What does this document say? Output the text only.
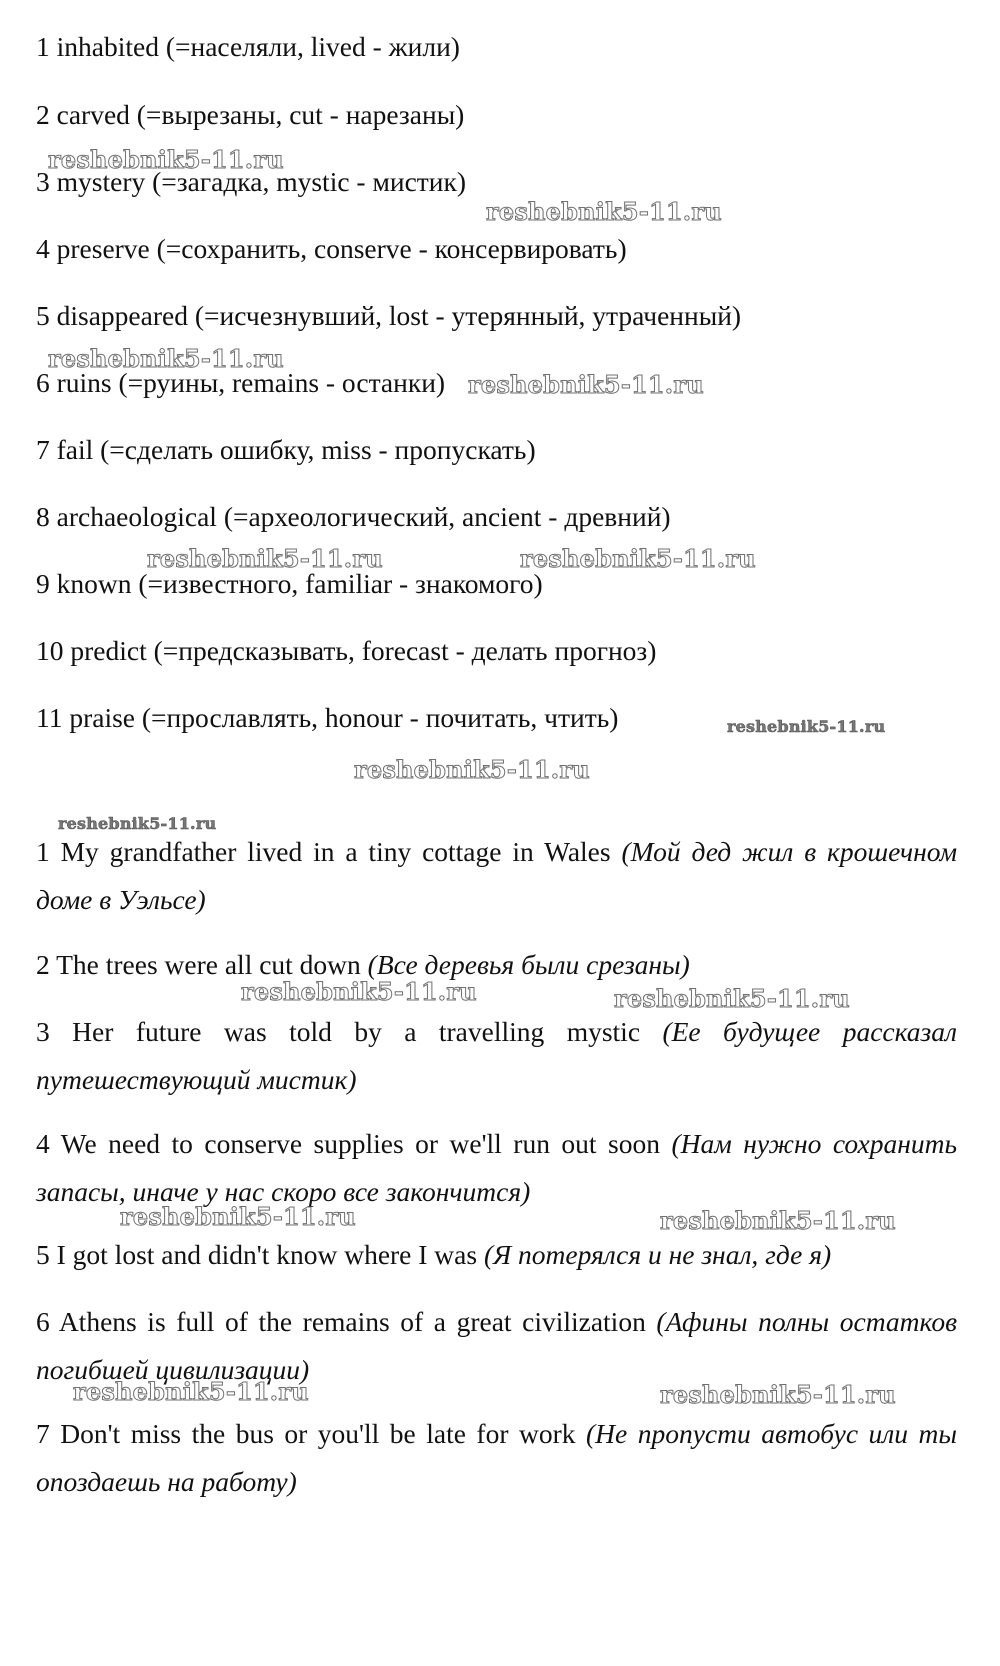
1 inhabited (=населяли, lived - жили)

2 carved (=вырезаны, cut - нарезаны)

3 mystery (=загадка, mystic - мистик)

4 preserve (=сохранить, conserve - консервировать)

5 disappeared (=исчезнувший, lost - утерянный, утраченный)

6 ruins (=руины, remains - останки)

7 fail (=сделать ошибку, miss - пропускать)

8 archaeological (=археологический, ancient - древний)

9 known (=известного, familiar - знакомого)

10 predict (=предсказывать, forecast - делать прогноз)

11 praise (=прославлять, honour - почитать, чтить)

1 My grandfather lived in a tiny cottage in Wales (Мой дед жил в крошечном доме в Уэльсе)

2 The trees were all cut down (Все деревья были срезаны)

3 Her future was told by a travelling mystic (Ее будущее рассказал путешествующий мистик)

4 We need to conserve supplies or we'll run out soon (Нам нужно сохранить запасы, иначе у нас скоро все закончится)

5 I got lost and didn't know where I was (Я потерялся и не знал, где я)

6 Athens is full of the remains of a great civilization (Афины полны остатков погибшей цивилизации)

7 Don't miss the bus or you'll be late for work (Не пропусти автобус или ты опоздаешь на работу)

reshebnik5-11.ru
reshebnik5-11.ru
reshebnik5-11.ru
reshebnik5-11.ru
reshebnik5-11.ru	reshebnik5-11.ru
reshebnik5-11.ru
reshebnik5-11.ru
reshebnik5-11.ru
reshebnik5-11.ru	reshebnik5-11.ru
reshebnik5-11.ru	reshebnik5-11.ru
reshebnik5-11.ru	reshebnik5-11.ru
